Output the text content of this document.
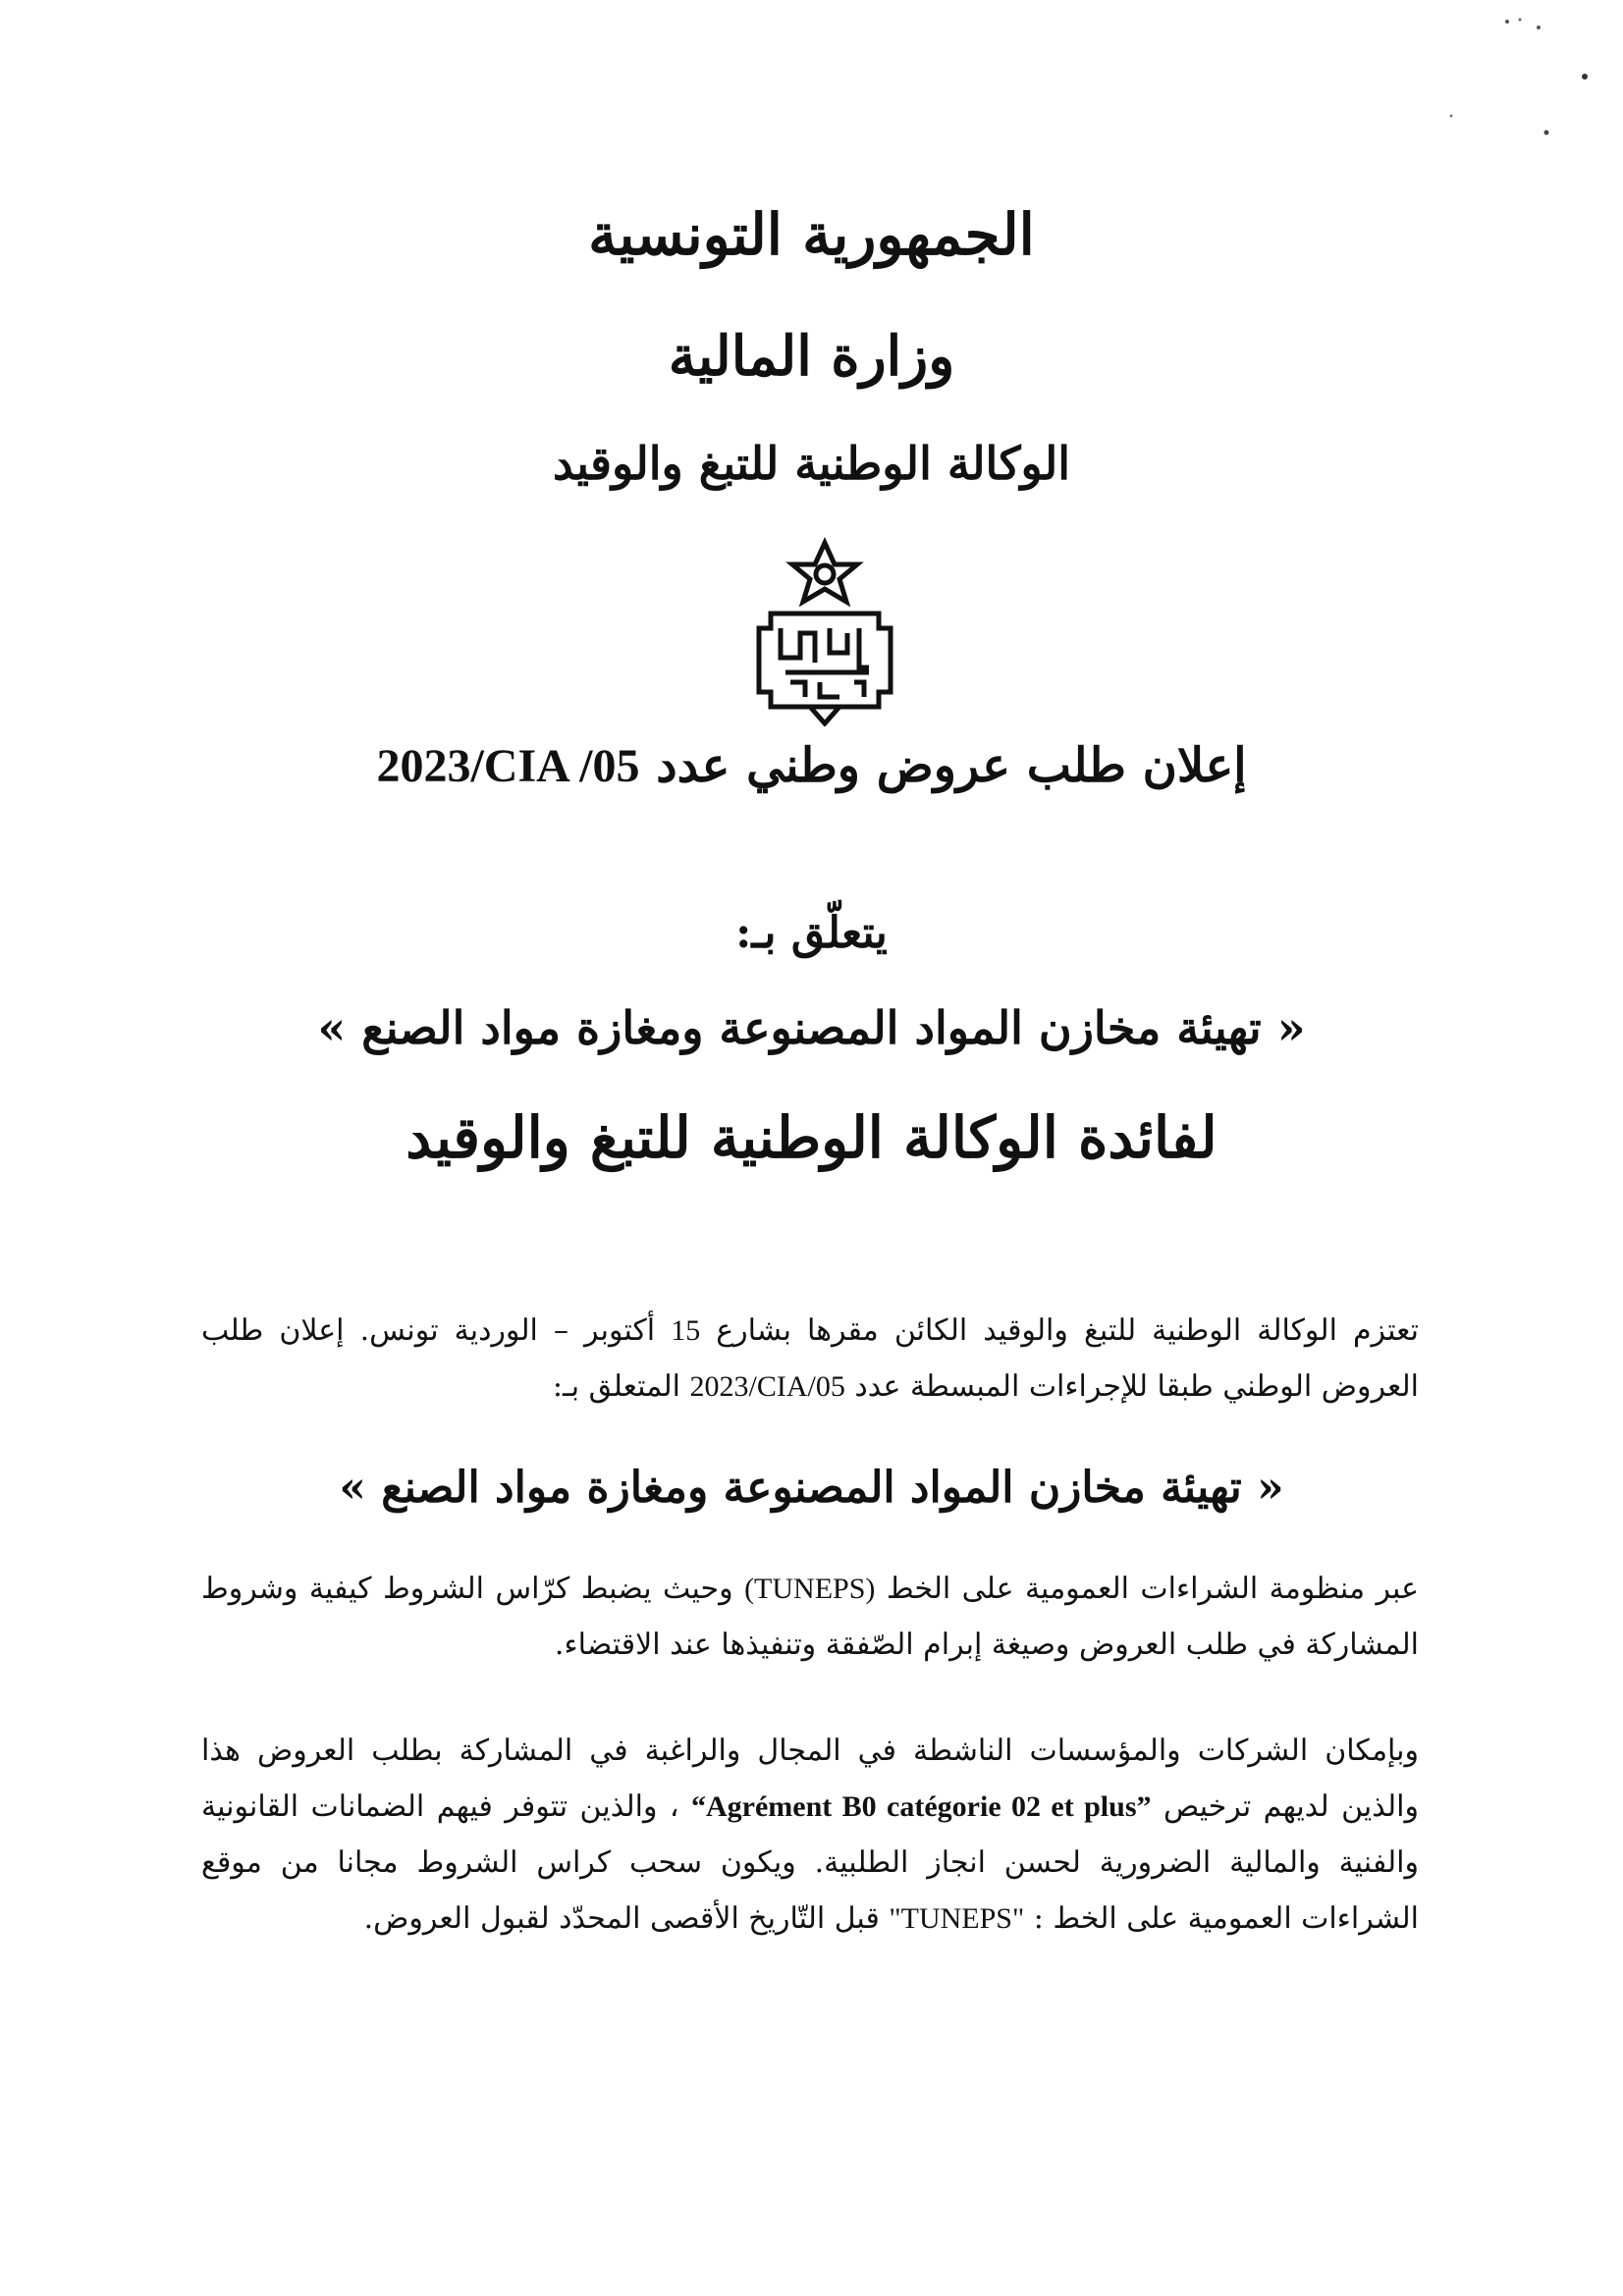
الجمهورية التونسية
وزارة المالية
الوكالة الوطنية للتبغ والوقيد
إعلان طلب عروض وطني عدد 2023/CIA /05
يتعلّق بـ:
« تهيئة مخازن المواد المصنوعة ومغازة مواد الصنع »
لفائدة الوكالة الوطنية للتبغ والوقيد
تعتزم الوكالة الوطنية للتبغ والوقيد الكائن مقرها بشارع 15 أكتوبر – الوردية تونس. إعلان طلب العروض الوطني طبقا للإجراءات المبسطة عدد 2023/CIA/05 المتعلق بـ:
« تهيئة مخازن المواد المصنوعة ومغازة مواد الصنع »
عبر منظومة الشراءات العمومية على الخط (TUNEPS) وحيث يضبط كرّاس الشروط كيفية وشروط المشاركة في طلب العروض وصيغة إبرام الصّفقة وتنفيذها عند الاقتضاء.
وبإمكان الشركات والمؤسسات الناشطة في المجال والراغبة في المشاركة بطلب العروض هذا والذين لديهم ترخيص “Agrément B0 catégorie 02 et plus” ، والذين تتوفر فيهم الضمانات القانونية والفنية والمالية الضرورية لحسن انجاز الطلبية. ويكون سحب كراس الشروط مجانا من موقع الشراءات العمومية على الخط : "TUNEPS" قبل التّاريخ الأقصى المحدّد لقبول العروض.
